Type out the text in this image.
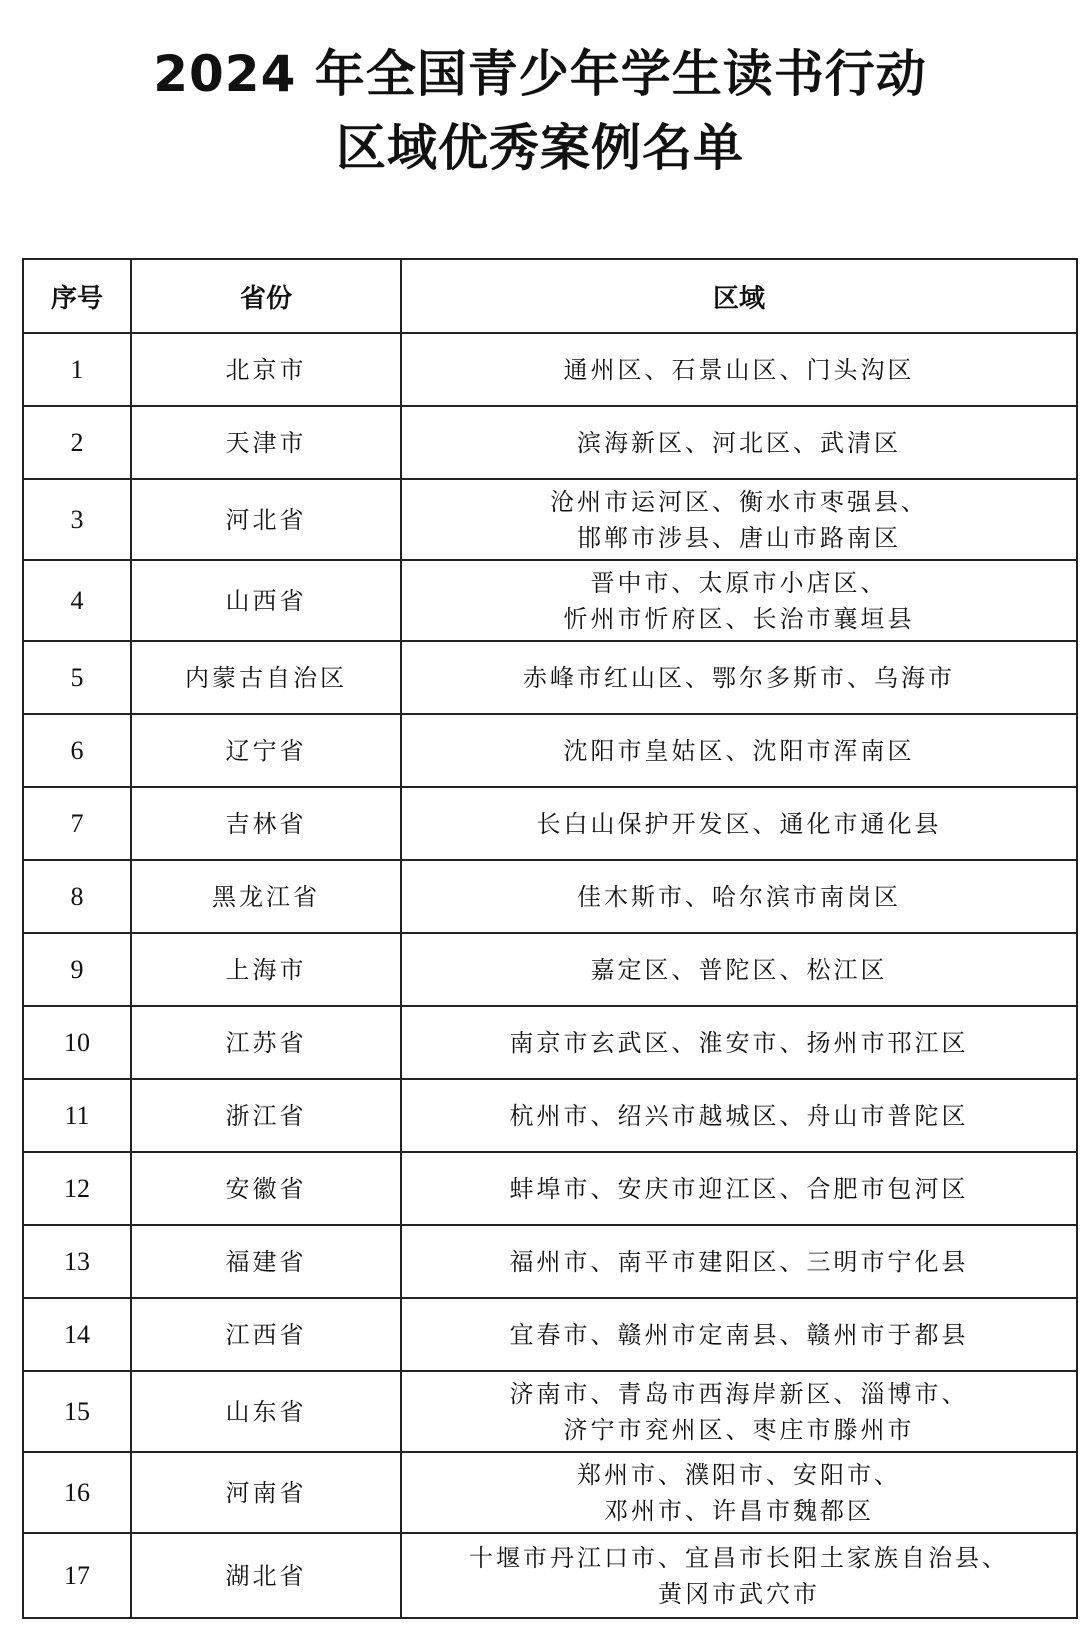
2024 年全国青少年学生读书行动
区域优秀案例名单
序号	省份	区域
1	北京市	通州区、石景山区、门头沟区

2	天津市	滨海新区、河北区、武清区

3	河北省	沧州市运河区、衡水市枣强县、
邯郸市涉县、唐山市路南区

4	山西省	晋中市、太原市小店区、
忻州市忻府区、长治市襄垣县

5	内蒙古自治区	赤峰市红山区、鄂尔多斯市、乌海市

6	辽宁省	沈阳市皇姑区、沈阳市浑南区

7	吉林省	长白山保护开发区、通化市通化县

8	黑龙江省	佳木斯市、哈尔滨市南岗区

9	上海市	嘉定区、普陀区、松江区

10	江苏省	南京市玄武区、淮安市、扬州市邗江区

11	浙江省	杭州市、绍兴市越城区、舟山市普陀区

12	安徽省	蚌埠市、安庆市迎江区、合肥市包河区

13	福建省	福州市、南平市建阳区、三明市宁化县

14	江西省	宜春市、赣州市定南县、赣州市于都县

15	山东省	济南市、青岛市西海岸新区、淄博市、
济宁市兖州区、枣庄市滕州市

16	河南省	郑州市、濮阳市、安阳市、
邓州市、许昌市魏都区

17	湖北省	十堰市丹江口市、宜昌市长阳土家族自治县、
黄冈市武穴市
